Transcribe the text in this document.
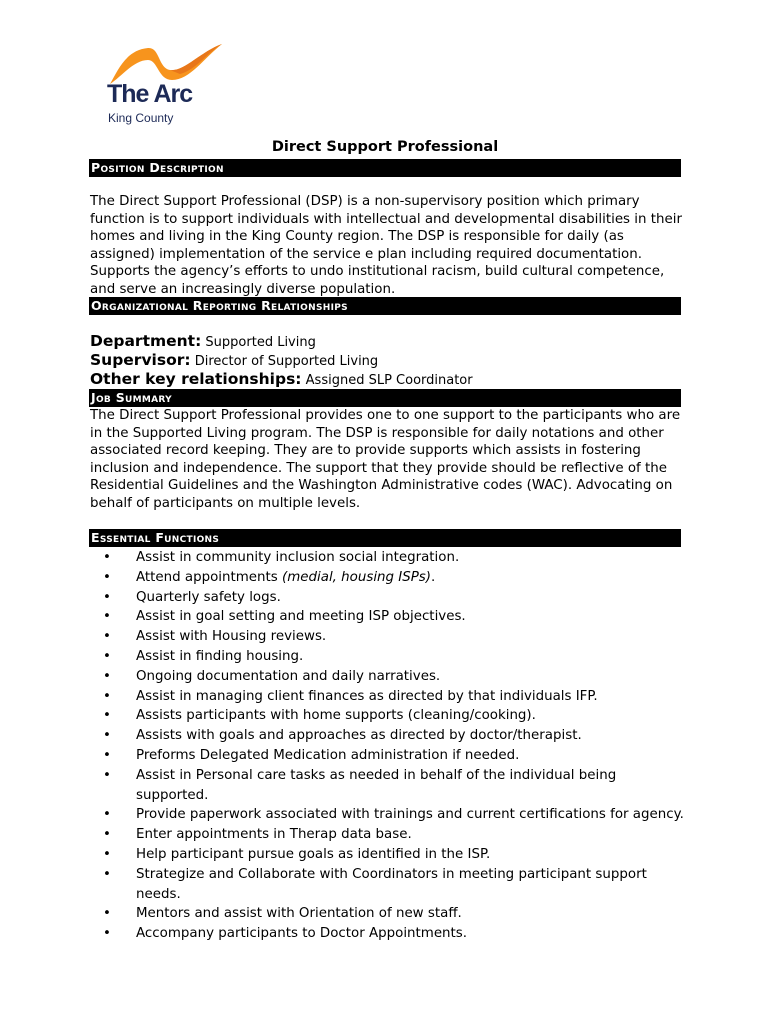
The Arc
King County
Direct Support Professional
Position Description
The Direct Support Professional (DSP) is a non-supervisory position which primary function is to support individuals with intellectual and developmental disabilities in their homes and living in the King County region. The DSP is responsible for daily (as assigned) implementation of the service e plan including required documentation. Supports the agency’s efforts to undo institutional racism, build cultural competence, and serve an increasingly diverse population.
Organizational Reporting Relationships
Department: Supported Living
Supervisor: Director of Supported Living
Other key relationships: Assigned SLP Coordinator
Job Summary
The Direct Support Professional provides one to one support to the participants who are in the Supported Living program. The DSP is responsible for daily notations and other associated record keeping. They are to provide supports which assists in fostering inclusion and independence. The support that they provide should be reflective of the Residential Guidelines and the Washington Administrative codes (WAC). Advocating on behalf of participants on multiple levels.
Essential Functions
• Assist in community inclusion social integration.
• Attend appointments (medial, housing ISPs).
• Quarterly safety logs.
• Assist in goal setting and meeting ISP objectives.
• Assist with Housing reviews.
• Assist in finding housing.
• Ongoing documentation and daily narratives.
• Assist in managing client finances as directed by that individuals IFP.
• Assists participants with home supports (cleaning/cooking).
• Assists with goals and approaches as directed by doctor/therapist.
• Preforms Delegated Medication administration if needed.
• Assist in Personal care tasks as needed in behalf of the individual being supported.
• Provide paperwork associated with trainings and current certifications for agency.
• Enter appointments in Therap data base.
• Help participant pursue goals as identified in the ISP.
• Strategize and Collaborate with Coordinators in meeting participant support needs.
• Mentors and assist with Orientation of new staff.
• Accompany participants to Doctor Appointments.
